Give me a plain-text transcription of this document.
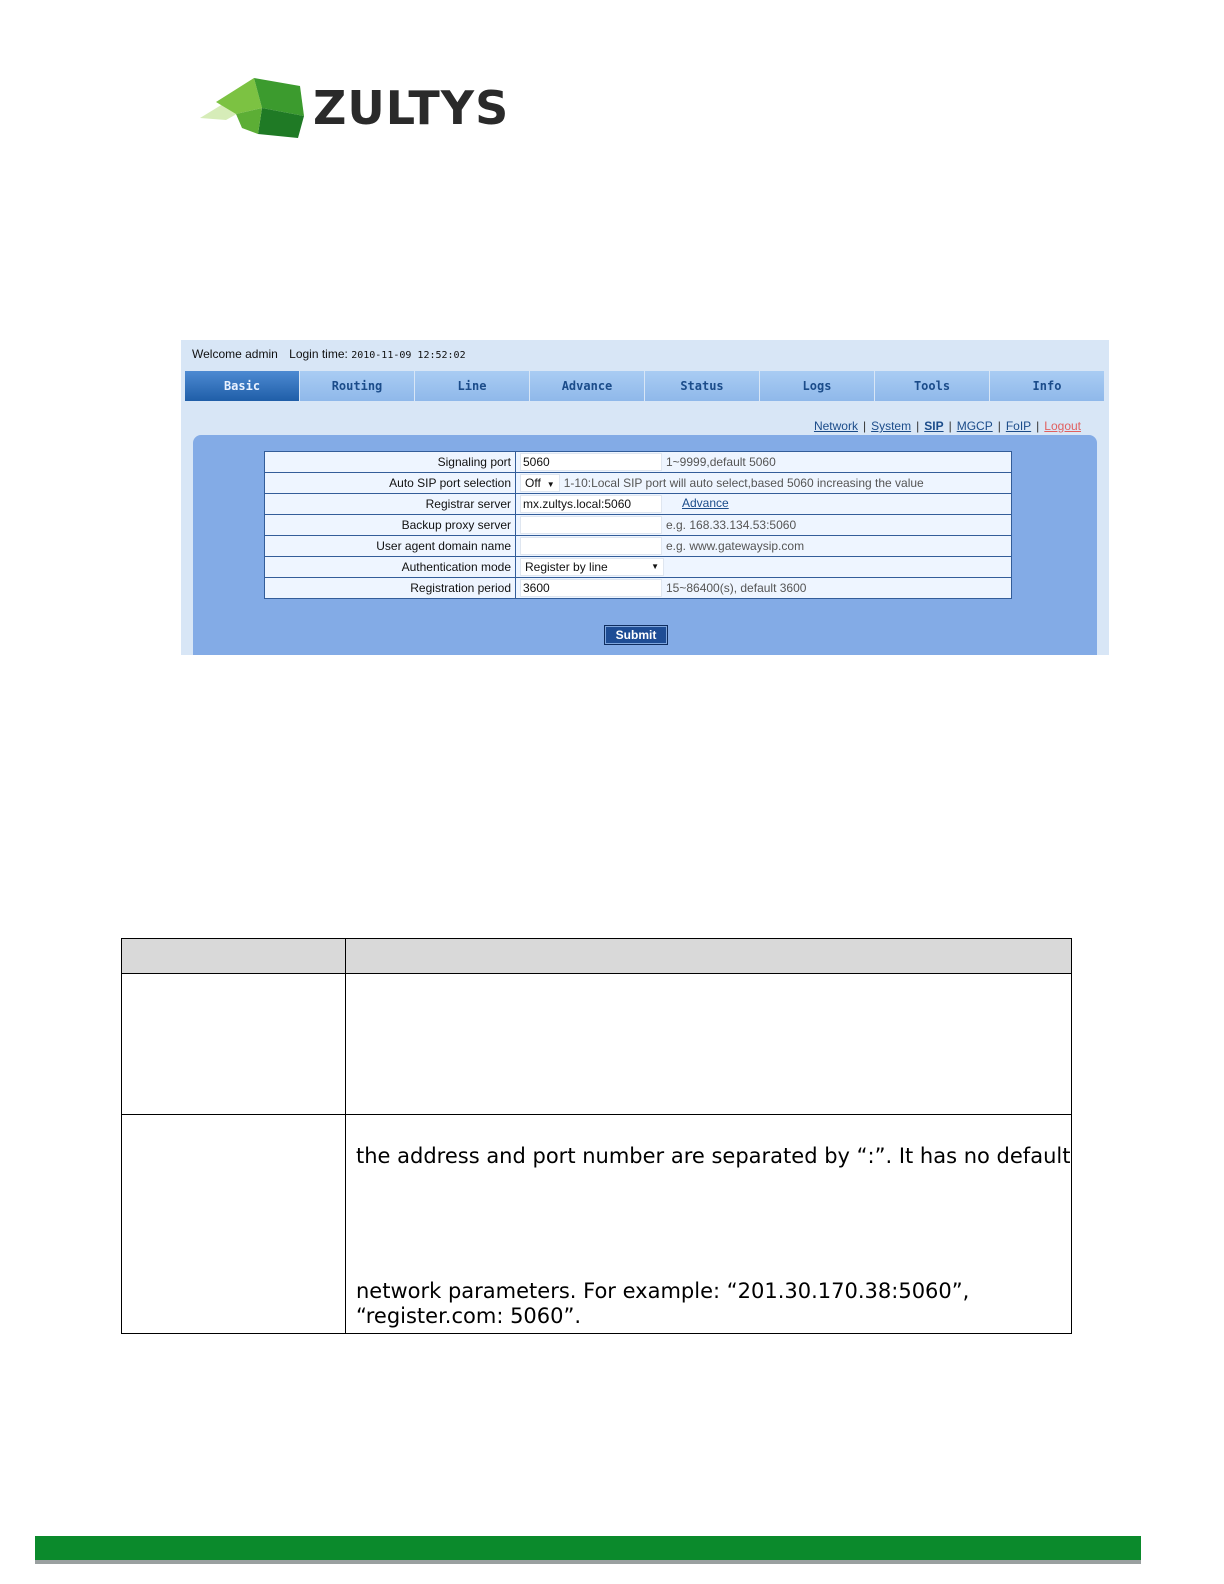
ZULTYS
Welcome admin Login time: 2010-11-09 12:52:02
Basic	Routing	Line	Advance	Status	Logs	Tools	Info
Network | System | SIP | MGCP | FoIP | Logout
Signaling port	5060 1~9999,default 5060
Auto SIP port selection	Off ▼ 1-10:Local SIP port will auto select,based 5060 increasing the value
Registrar server	mx.zultys.local:5060 Advance
Backup proxy server	e.g. 168.33.134.53:5060
User agent domain name	e.g. www.gatewaysip.com
Authentication mode	Register by line ▼

Registration period	3600 15~86400(s), default 3600
Submit

	the address and port number are separated by “:”. It has no default
network parameters. For example: “201.30.170.38:5060”,
“register.com: 5060”.
